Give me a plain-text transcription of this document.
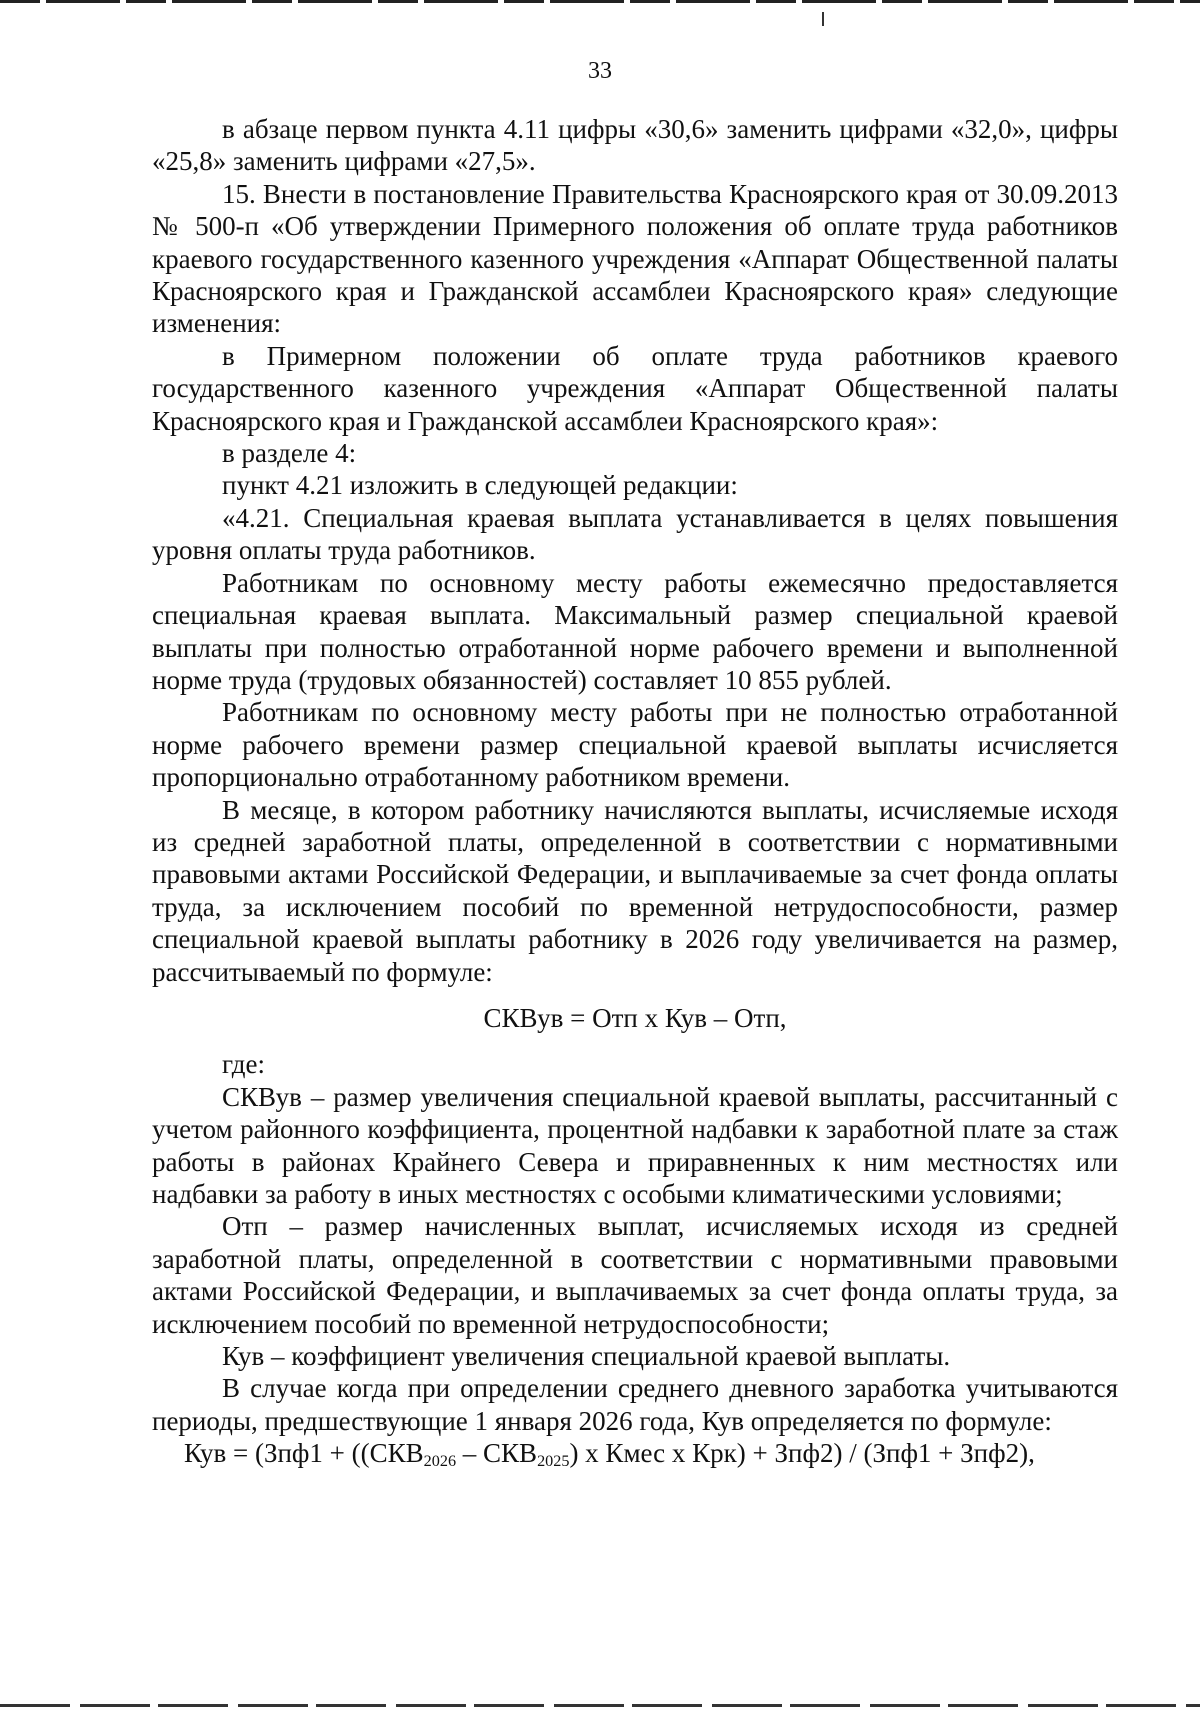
33

в абзаце первом пункта 4.11 цифры «30,6» заменить цифрами «32,0», цифры «25,8» заменить цифрами «27,5».

15. Внести в постановление Правительства Красноярского края от 30.09.2013 № 500-п «Об утверждении Примерного положения об оплате труда работников краевого государственного казенного учреждения «Аппарат Общественной палаты Красноярского края и Гражданской ассамблеи Красноярского края» следующие изменения:

в Примерном положении об оплате труда работников краевого государственного казенного учреждения «Аппарат Общественной палаты Красноярского края и Гражданской ассамблеи Красноярского края»:

в разделе 4:

пункт 4.21 изложить в следующей редакции:

«4.21. Специальная краевая выплата устанавливается в целях повышения уровня оплаты труда работников.

Работникам по основному месту работы ежемесячно предоставляется специальная краевая выплата. Максимальный размер специальной краевой выплаты при полностью отработанной норме рабочего времени и выполненной норме труда (трудовых обязанностей) составляет 10 855 рублей.

Работникам по основному месту работы при не полностью отработанной норме рабочего времени размер специальной краевой выплаты исчисляется пропорционально отработанному работником времени.

В месяце, в котором работнику начисляются выплаты, исчисляемые исходя из средней заработной платы, определенной в соответствии с нормативными правовыми актами Российской Федерации, и выплачиваемые за счет фонда оплаты труда, за исключением пособий по временной нетрудоспособности, размер специальной краевой выплаты работнику в 2026 году увеличивается на размер, рассчитываемый по формуле:

СКВув = Отп х Кув – Отп,

где:

СКВув – размер увеличения специальной краевой выплаты, рассчитанный с учетом районного коэффициента, процентной надбавки к заработной плате за стаж работы в районах Крайнего Севера и приравненных к ним местностях или надбавки за работу в иных местностях с особыми климатическими условиями;

Отп – размер начисленных выплат, исчисляемых исходя из средней заработной платы, определенной в соответствии с нормативными правовыми актами Российской Федерации, и выплачиваемых за счет фонда оплаты труда, за исключением пособий по временной нетрудоспособности;

Кув – коэффициент увеличения специальной краевой выплаты.

В случае когда при определении среднего дневного заработка учитываются периоды, предшествующие 1 января 2026 года, Кув определяется по формуле:

Кув = ($Зпф1 + ((СКВ_{2026} - СКВ_{2025})$ х Кмес х Крк) + Зпф2) / (Зпф1 + Зпф2),
